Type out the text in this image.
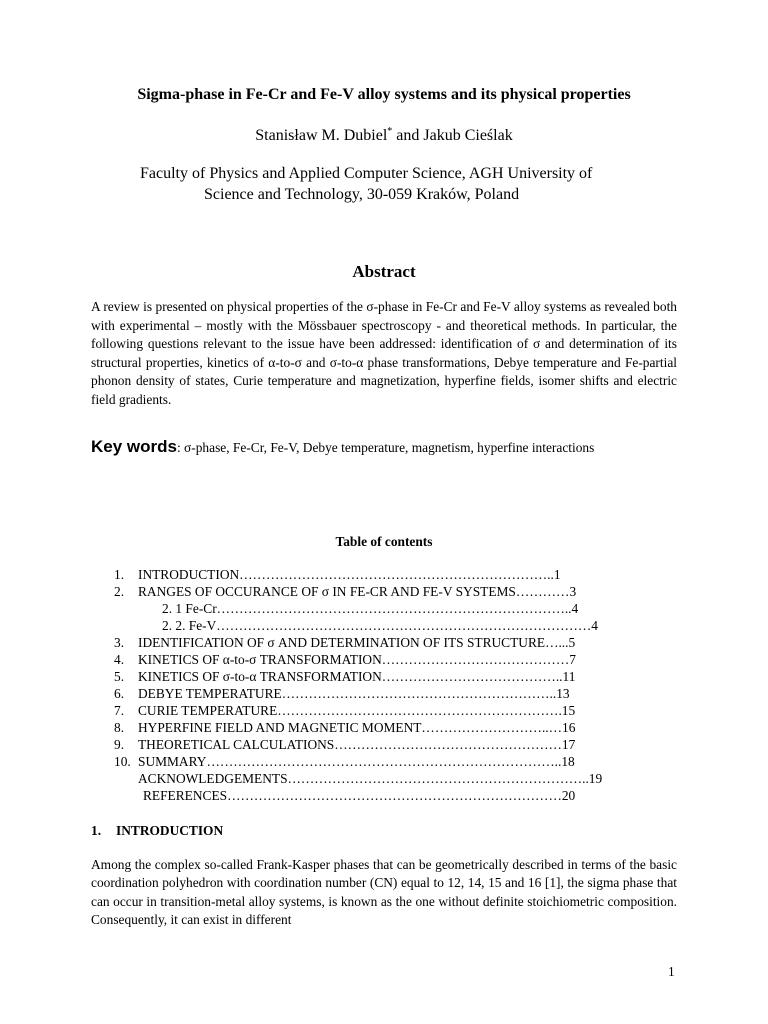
Sigma-phase in Fe-Cr and Fe-V alloy systems and its physical properties
Stanisław M. Dubiel* and Jakub Cieślak
Faculty of Physics and Applied Computer Science, AGH University of
Science and Technology, 30-059 Kraków, Poland
Abstract
A review is presented on physical properties of the σ-phase in Fe-Cr and Fe-V alloy systems as revealed both with experimental – mostly with the Mössbauer spectroscopy - and theoretical methods. In particular, the following questions relevant to the issue have been addressed: identification of σ and determination of its structural properties, kinetics of α-to-σ and σ-to-α phase transformations, Debye temperature and Fe-partial phonon density of states, Curie temperature and magnetization, hyperfine fields, isomer shifts and electric field gradients.
Key words: σ-phase, Fe-Cr, Fe-V, Debye temperature, magnetism, hyperfine interactions
Table of contents
1. INTRODUCTION……………………………………………………………..1
2. RANGES OF OCCURANCE OF σ IN FE-CR AND FE-V SYSTEMS…………3
2. 1 Fe-Cr……………………………………………………………………..4
2. 2. Fe-V…………………………………………………………………………4
3. IDENTIFICATION OF σ AND DETERMINATION OF ITS STRUCTURE…...5
4. KINETICS OF α-to-σ TRANSFORMATION……………………………………7
5. KINETICS OF σ-to-α TRANSFORMATION…………………………………..11
6. DEBYE TEMPERATURE……………………………………………………..13
7. CURIE TEMPERATURE……………………………………………………….15
8. HYPERFINE FIELD AND MAGNETIC MOMENT………………………..…16
9. THEORETICAL CALCULATIONS……………………………………………17
10. SUMMARY……………………………………………………………………..18
ACKNOWLEDGEMENTS…………………………………………………………..19
REFERENCES…………………………………………………………………20
1. INTRODUCTION
Among the complex so-called Frank-Kasper phases that can be geometrically described in terms of the basic coordination polyhedron with coordination number (CN) equal to 12, 14, 15 and 16 [1], the sigma phase that can occur in transition-metal alloy systems, is known as the one without definite stoichiometric composition. Consequently, it can exist in different
1
